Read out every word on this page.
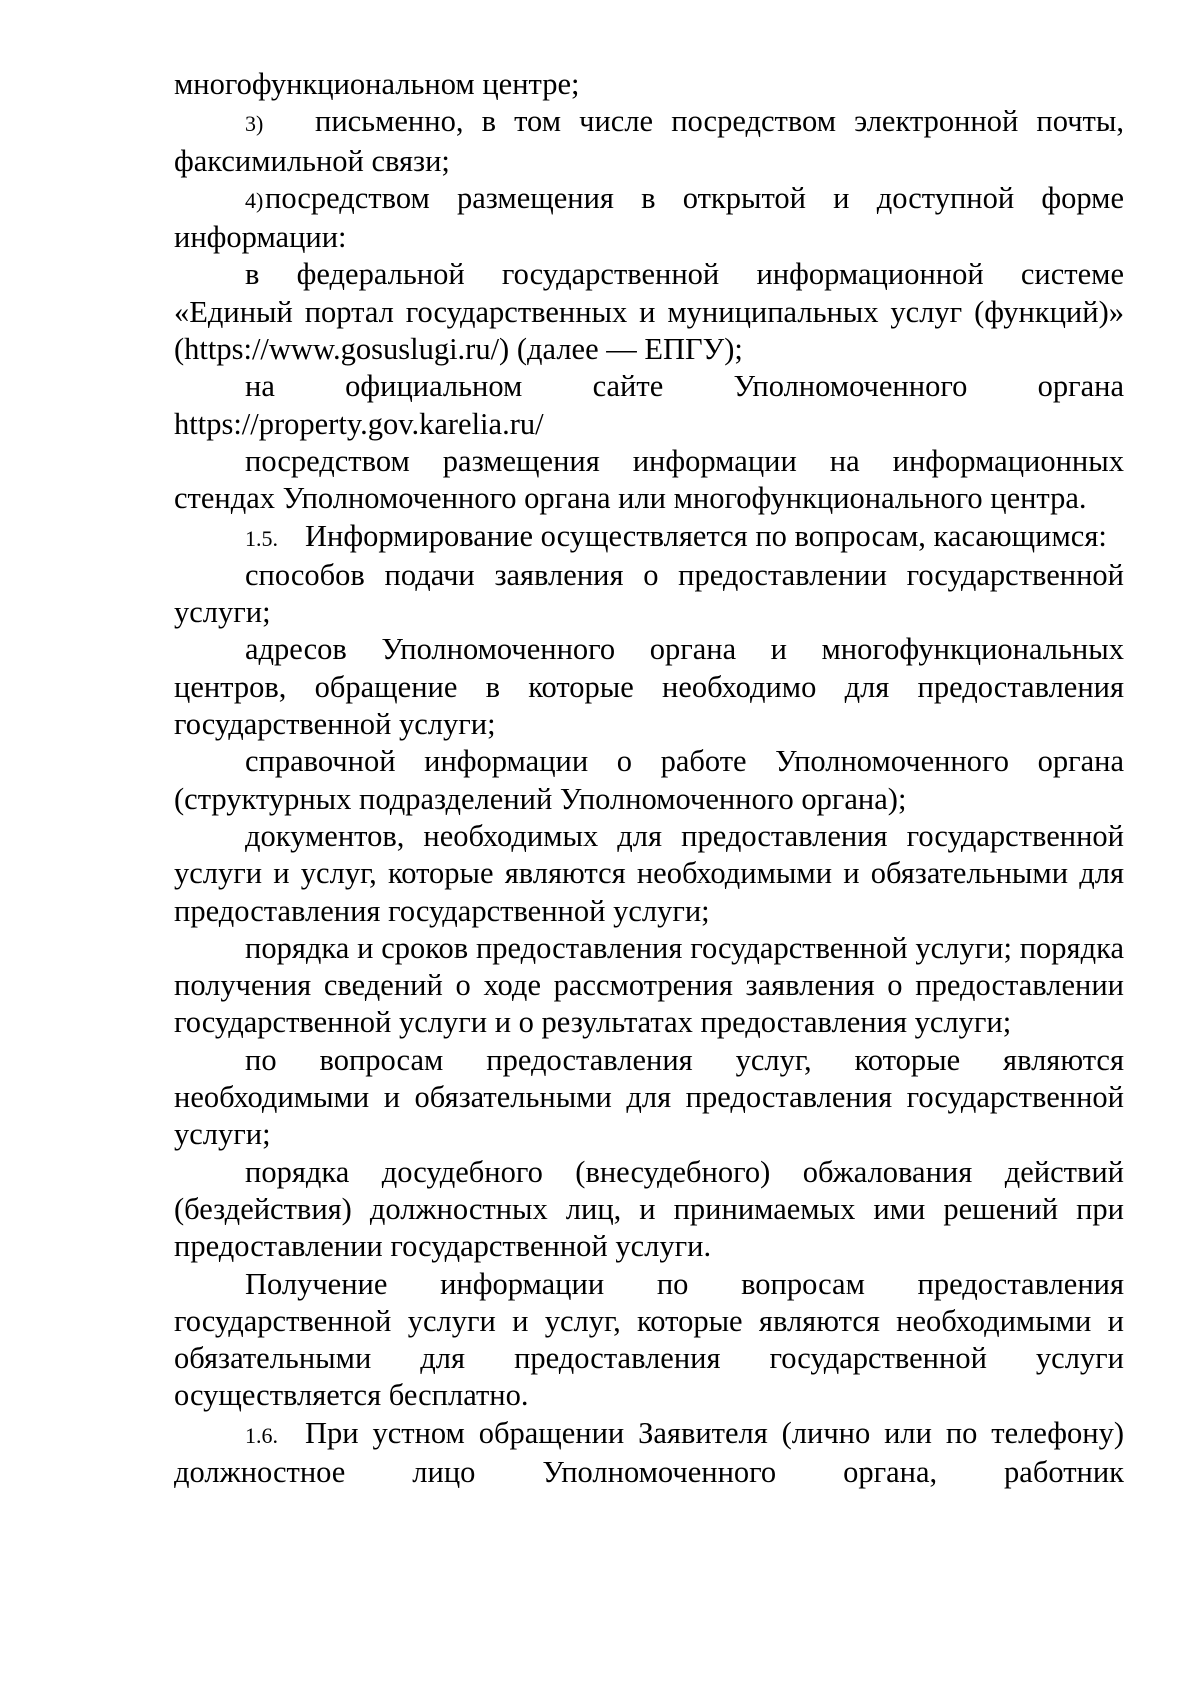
многофункциональном центре;

3) письменно, в том числе посредством электронной почты, факсимильной связи;

4)посредством размещения в открытой и доступной форме информации:

в федеральной государственной информационной системе «Единый портал государственных и муниципальных услуг (функций)» (https://www.gosuslugi.ru/) (далее — ЕПГУ);

на официальном сайте Уполномоченного органа https://property.gov.karelia.ru/

посредством размещения информации на информационных стендах Уполномоченного органа или многофункционального центра.

1.5. Информирование осуществляется по вопросам, касающимся:

способов подачи заявления о предоставлении государственной услуги;

адресов Уполномоченного органа и многофункциональных центров, обращение в которые необходимо для предоставления государственной услуги;

справочной информации о работе Уполномоченного органа (структурных подразделений Уполномоченного органа);

документов, необходимых для предоставления государственной услуги и услуг, которые являются необходимыми и обязательными для предоставления государственной услуги;

порядка и сроков предоставления государственной услуги; порядка получения сведений о ходе рассмотрения заявления о предоставлении государственной услуги и о результатах предоставления услуги;

по вопросам предоставления услуг, которые являются необходимыми и обязательными для предоставления государственной услуги;

порядка досудебного (внесудебного) обжалования действий (бездействия) должностных лиц, и принимаемых ими решений при предоставлении государственной услуги.

Получение информации по вопросам предоставления государственной услуги и услуг, которые являются необходимыми и обязательными для предоставления государственной услуги осуществляется бесплатно.

1.6. При устном обращении Заявителя (лично или по телефону) должностное лицо Уполномоченного органа, работник
